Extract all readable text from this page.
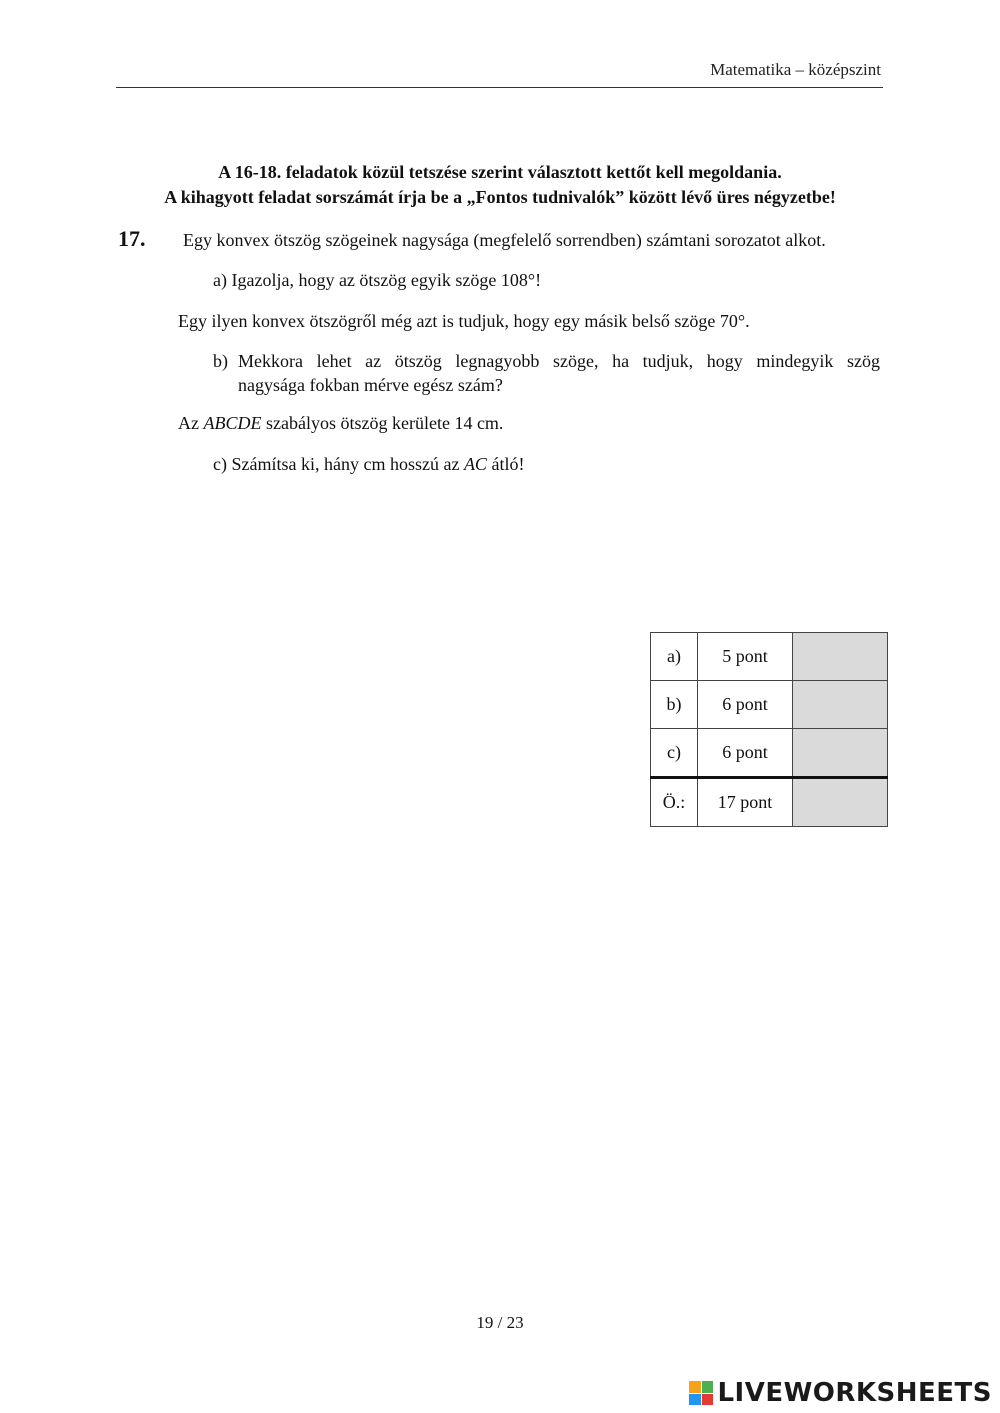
Matematika – középszint
A 16-18. feladatok közül tetszése szerint választott kettőt kell megoldania.
A kihagyott feladat sorszámát írja be a „Fontos tudnivalók” között lévő üres négyzetbe!
17. Egy konvex ötszög szögeinek nagysága (megfelelő sorrendben) számtani sorozatot alkot.
a) Igazolja, hogy az ötszög egyik szöge 108°!
Egy ilyen konvex ötszögről még azt is tudjuk, hogy egy másik belső szöge 70°.
b) Mekkora lehet az ötszög legnagyobb szöge, ha tudjuk, hogy mindegyik szög
nagysága fokban mérve egész szám?
Az ABCDE szabályos ötszög kerülete 14 cm.
c) Számítsa ki, hány cm hosszú az AC átló!
a)	5 pont	
b)	6 pont	
c)	6 pont	
Ö.:	17 pont	
19 / 23
LIVEWORKSHEETS
